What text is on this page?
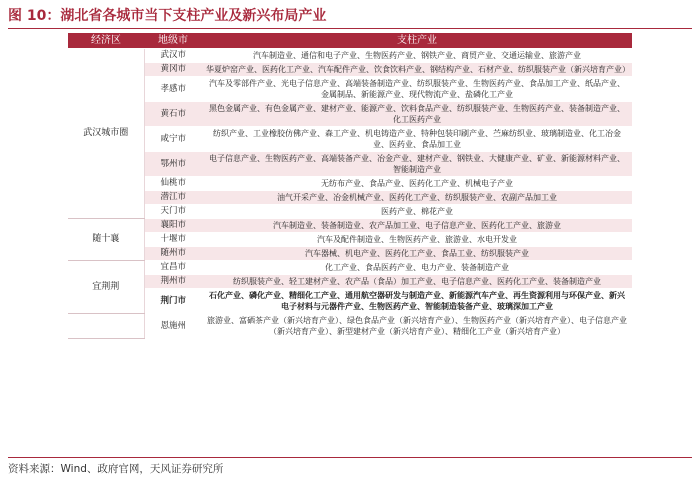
图 10：湖北省各城市当下支柱产业及新兴布局产业
经济区	地级市	支柱产业
武汉城市圈	武汉市	汽车制造业、通信和电子产业、生物医药产业、钢铁产业、商贸产业、交通运输业、旅游产业
	黄冈市	华夏炉窑产业、医药化工产业、汽车配件产业、饮食饮料产业、钢结构产业、石材产业、纺织服装产业（新兴培育产业）
	孝感市	汽车及零部件产业、光电子信息产业、高端装备制造产业、纺织服装产业、生物医药产业、食品加工产业、纸品产业、金属制品、新能源产业、现代物流产业、盐磷化工产业
	黄石市	黑色金属产业、有色金属产业、建材产业、能源产业、饮料食品产业、纺织服装产业、生物医药产业、装备制造产业、化工医药产业
	咸宁市	纺织产业、工业橡胶仿佛产业、森工产业、机电铸造产业、特种包装印刷产业、苎麻纺织业、玻璃制造业、化工冶金业、医药业、食品加工业
	鄂州市	电子信息产业、生物医药产业、高端装备产业、冶金产业、建材产业、钢铁业、大健康产业、矿业、新能源材料产业、智能制造产业
	仙桃市	无纺布产业、食品产业、医药化工产业、机械电子产业
	潜江市	油气开采产业、冶金机械产业、医药化工产业、纺织服装产业、农副产品加工业
	天门市	医药产业、棉花产业
随十襄	襄阳市	汽车制造业、装备制造业、农产品加工业、电子信息产业、医药化工产业、旅游业
	十堰市	汽车及配件制造业、生物医药产业、旅游业、水电开发业
	随州市	汽车器械、机电产业、医药化工产业、食品工业、纺织服装产业
宜荆荆	宜昌市	化工产业、食品医药产业、电力产业、装备制造产业
	荆州市	纺织服装产业、轻工建材产业、农产品（食品）加工产业、电子信息产业、医药化工产业、装备制造产业
	荆门市	石化产业、磷化产业、精细化工产业、通用航空器研发与制造产业、新能源汽车产业、再生资源利用与环保产业、新兴电子材料与元器件产业、生物医药产业、智能制造装备产业、玻璃深加工产业
	恩施州	旅游业、富硒茶产业（新兴培育产业）、绿色食品产业（新兴培育产业）、生物医药产业（新兴培育产业）、电子信息产业（新兴培育产业）、新型建材产业（新兴培育产业）、精细化工产业（新兴培育产业）
资料来源：Wind、政府官网，天风证券研究所
